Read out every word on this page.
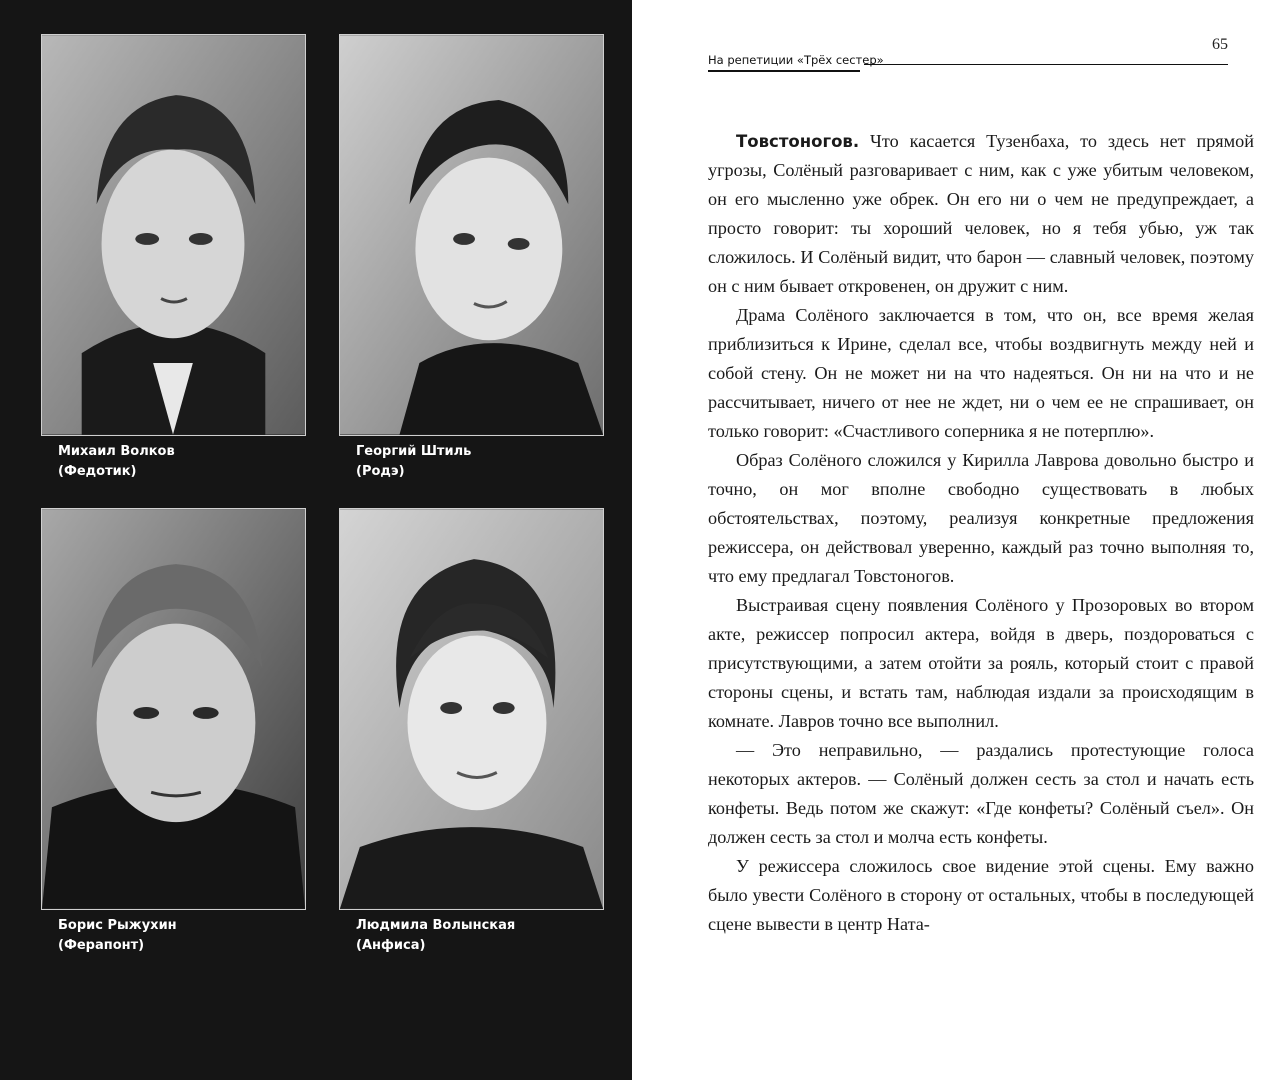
Михаил Волков
(Федотик)
Георгий Штиль
(Родэ)
Борис Рыжухин
(Ферапонт)
Людмила Волынская
(Анфиса)
65
На репетиции «Трёх сестер»

Товстоногов. Что касается Тузенбаха, то здесь нет прямой угрозы, Солёный разговаривает с ним, как с уже убитым человеком, он его мысленно уже обрек. Он его ни о чем не предупреждает, а просто говорит: ты хороший человек, но я тебя убью, уж так сложилось. И Солёный видит, что барон — славный человек, поэтому он с ним бывает откровенен, он дружит с ним.

Драма Солёного заключается в том, что он, все время желая приблизиться к Ирине, сделал все, чтобы воздвигнуть между ней и собой стену. Он не может ни на что надеяться. Он ни на что и не рассчитывает, ничего от нее не ждет, ни о чем ее не спрашивает, он только говорит: «Счастливого соперника я не потерплю».

Образ Солёного сложился у Кирилла Лаврова довольно быстро и точно, он мог вполне свободно существовать в любых обстоятельствах, поэтому, реализуя конкретные предложения режиссера, он действовал уверенно, каждый раз точно выполняя то, что ему предлагал Товстоногов.

Выстраивая сцену появления Солёного у Прозоровых во втором акте, режиссер попросил актера, войдя в дверь, поздороваться с присутствующими, а затем отойти за рояль, который стоит с правой стороны сцены, и встать там, наблюдая издали за происходящим в комнате. Лавров точно все выполнил.

— Это неправильно, — раздались протестующие голоса некоторых актеров. — Солёный должен сесть за стол и начать есть конфеты. Ведь потом же скажут: «Где конфеты? Солёный съел». Он должен сесть за стол и молча есть конфеты.

У режиссера сложилось свое видение этой сцены. Ему важно было увести Солёного в сторону от остальных, чтобы в последующей сцене вывести в центр Ната-
